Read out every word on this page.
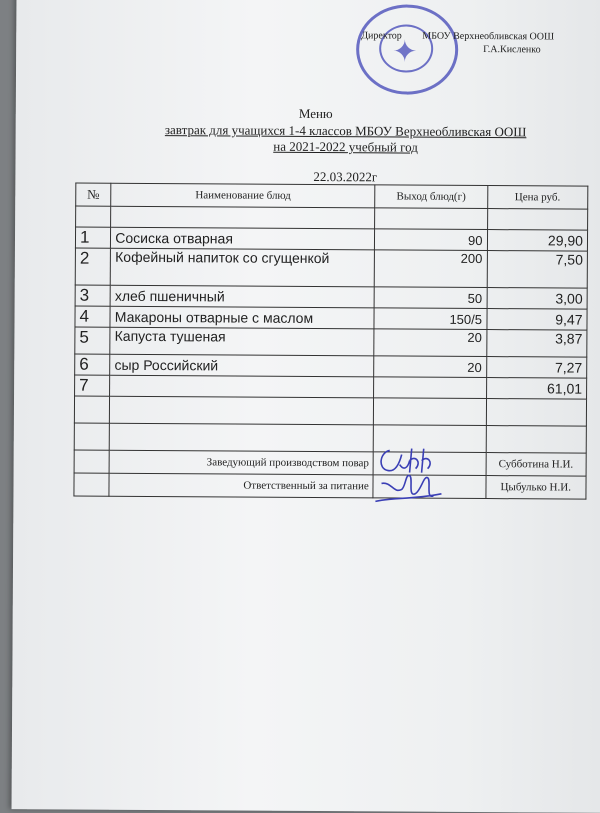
✦
Директор МБОУ Верхнеобливская ООШ
Г.А.Кисленко
Меню
завтрак для учащихся 1-4 классов МБОУ Верхнеобливская ООШ
на 2021-2022 учебный год
22.03.2022г
№	Наименование блюд	Выход блюд(г)	Цена руб.

1	Сосиска отварная	90	29,90
2	Кофейный напиток со сгущенкой	200	7,50
3	хлеб пшеничный	50	3,00
4	Макароны отварные с маслом	150/5	9,47
5	Капуста тушеная	20	3,87
6	сыр Российский	20	7,27
7			61,01

	Заведующий производством повар		Субботина Н.И.
	Ответственный за питание		Цыбулько Н.И.
